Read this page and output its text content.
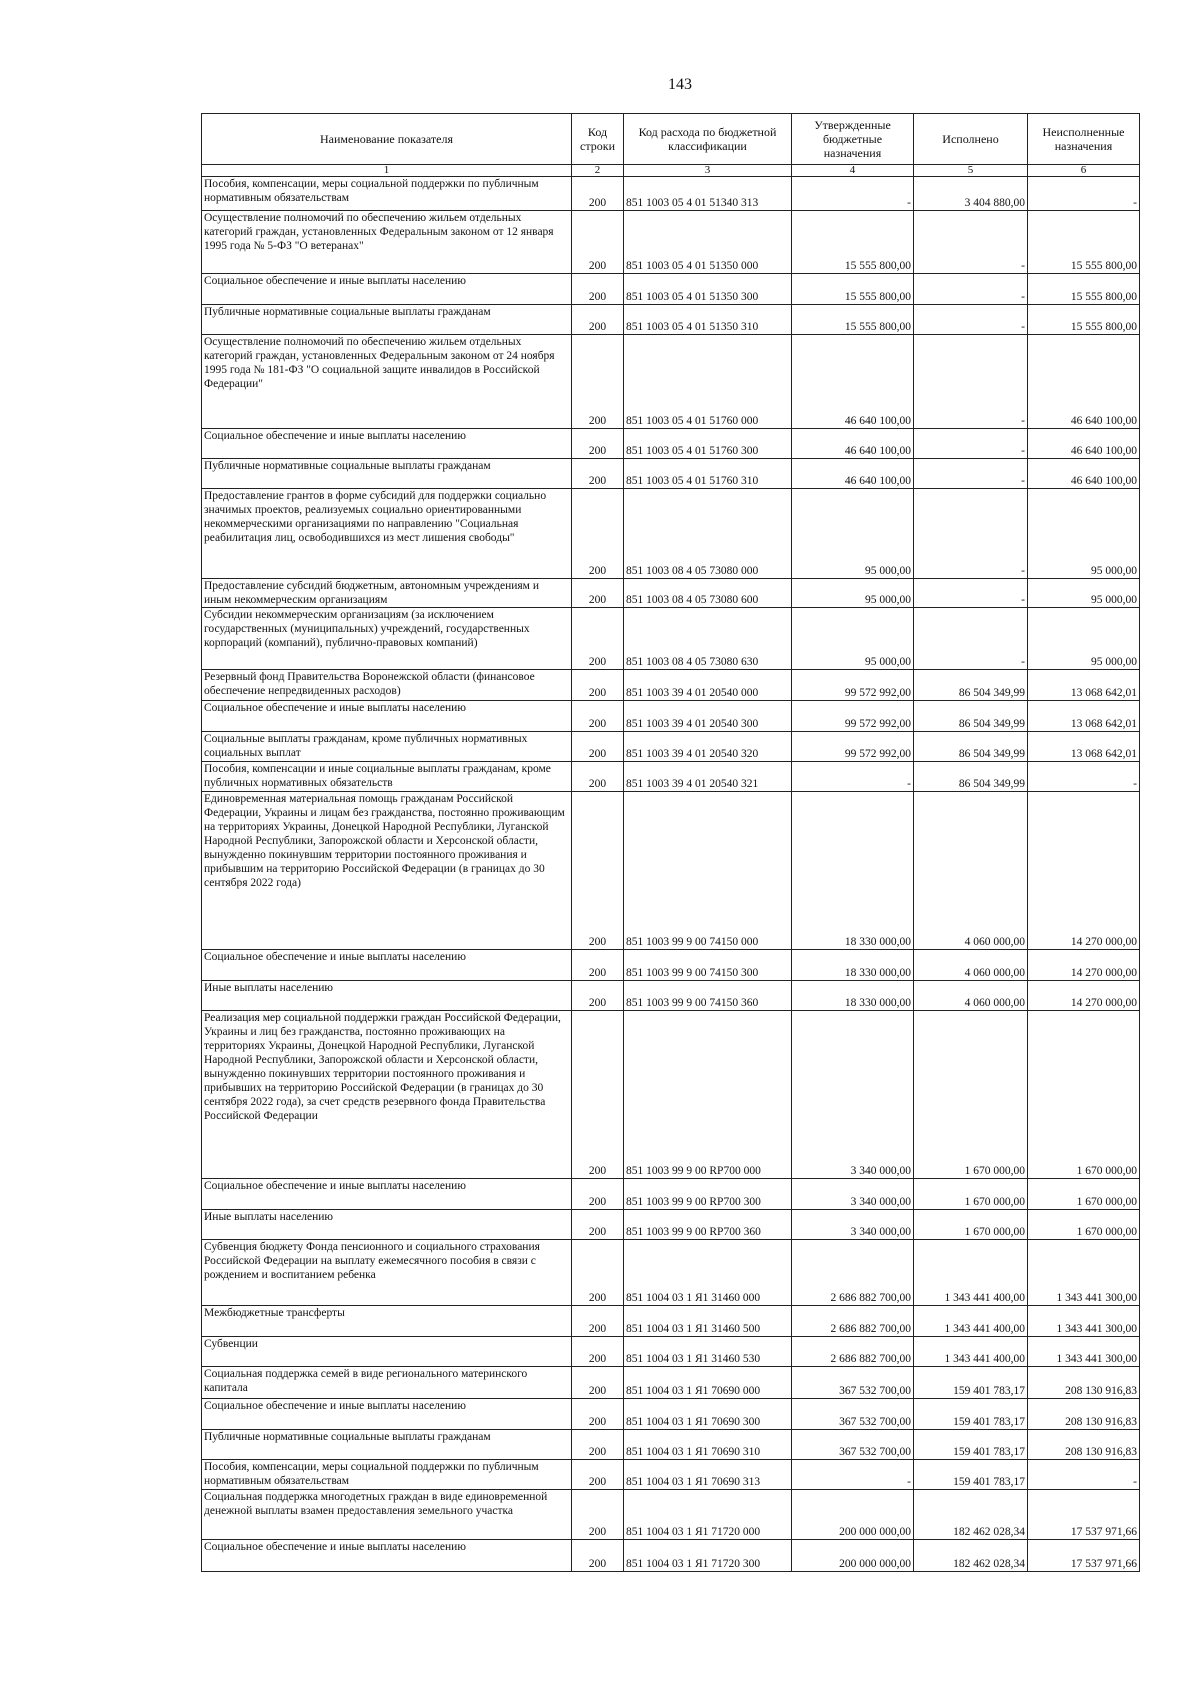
143
Наименование показателя	Код строки	Код расхода по бюджетной классификации	Утвержденные бюджетные назначения	Исполнено	Неисполненные назначения
1	2	3	4	5	6
Пособия, компенсации, меры социальной поддержки по публичным нормативным обязательствам	200	851 1003 05 4 01 51340 313	-	3 404 880,00	-
Осуществление полномочий по обеспечению жильем отдельных категорий граждан, установленных Федеральным законом от 12 января 1995 года № 5-ФЗ "О ветеранах"	200	851 1003 05 4 01 51350 000	15 555 800,00	-	15 555 800,00
Социальное обеспечение и иные выплаты населению	200	851 1003 05 4 01 51350 300	15 555 800,00	-	15 555 800,00
Публичные нормативные социальные выплаты гражданам	200	851 1003 05 4 01 51350 310	15 555 800,00	-	15 555 800,00
Осуществление полномочий по обеспечению жильем отдельных категорий граждан, установленных Федеральным законом от 24 ноября 1995 года № 181-ФЗ "О социальной защите инвалидов в Российской Федерации"	200	851 1003 05 4 01 51760 000	46 640 100,00	-	46 640 100,00
Социальное обеспечение и иные выплаты населению	200	851 1003 05 4 01 51760 300	46 640 100,00	-	46 640 100,00
Публичные нормативные социальные выплаты гражданам	200	851 1003 05 4 01 51760 310	46 640 100,00	-	46 640 100,00
Предоставление грантов в форме субсидий для поддержки социально значимых проектов, реализуемых социально ориентированными некоммерческими организациями по направлению "Социальная реабилитация лиц, освободившихся из мест лишения свободы"	200	851 1003 08 4 05 73080 000	95 000,00	-	95 000,00
Предоставление субсидий бюджетным, автономным учреждениям и иным некоммерческим организациям	200	851 1003 08 4 05 73080 600	95 000,00	-	95 000,00
Субсидии некоммерческим организациям (за исключением государственных (муниципальных) учреждений, государственных корпораций (компаний), публично-правовых компаний)	200	851 1003 08 4 05 73080 630	95 000,00	-	95 000,00
Резервный фонд Правительства Воронежской области (финансовое обеспечение непредвиденных расходов)	200	851 1003 39 4 01 20540 000	99 572 992,00	86 504 349,99	13 068 642,01
Социальное обеспечение и иные выплаты населению	200	851 1003 39 4 01 20540 300	99 572 992,00	86 504 349,99	13 068 642,01
Социальные выплаты гражданам, кроме публичных нормативных социальных выплат	200	851 1003 39 4 01 20540 320	99 572 992,00	86 504 349,99	13 068 642,01
Пособия, компенсации и иные социальные выплаты гражданам, кроме публичных нормативных обязательств	200	851 1003 39 4 01 20540 321	-	86 504 349,99	-
Единовременная материальная помощь гражданам Российской Федерации, Украины и лицам без гражданства, постоянно проживающим на территориях Украины, Донецкой Народной Республики, Луганской Народной Республики, Запорожской области и Херсонской области, вынужденно покинувшим территории постоянного проживания и прибывшим на территорию Российской Федерации (в границах до 30 сентября 2022 года)	200	851 1003 99 9 00 74150 000	18 330 000,00	4 060 000,00	14 270 000,00
Социальное обеспечение и иные выплаты населению	200	851 1003 99 9 00 74150 300	18 330 000,00	4 060 000,00	14 270 000,00
Иные выплаты населению	200	851 1003 99 9 00 74150 360	18 330 000,00	4 060 000,00	14 270 000,00
Реализация мер социальной поддержки граждан Российской Федерации, Украины и лиц без гражданства, постоянно проживающих на территориях Украины, Донецкой Народной Республики, Луганской Народной Республики, Запорожской области и Херсонской области, вынужденно покинувших территории постоянного проживания и прибывших на территорию Российской Федерации (в границах до 30 сентября 2022 года), за счет средств резервного фонда Правительства Российской Федерации	200	851 1003 99 9 00 RP700 000	3 340 000,00	1 670 000,00	1 670 000,00
Социальное обеспечение и иные выплаты населению	200	851 1003 99 9 00 RP700 300	3 340 000,00	1 670 000,00	1 670 000,00
Иные выплаты населению	200	851 1003 99 9 00 RP700 360	3 340 000,00	1 670 000,00	1 670 000,00
Субвенция бюджету Фонда пенсионного и социального страхования Российской Федерации на выплату ежемесячного пособия в связи с рождением и воспитанием ребенка	200	851 1004 03 1 Я1 31460 000	2 686 882 700,00	1 343 441 400,00	1 343 441 300,00
Межбюджетные трансферты	200	851 1004 03 1 Я1 31460 500	2 686 882 700,00	1 343 441 400,00	1 343 441 300,00
Субвенции	200	851 1004 03 1 Я1 31460 530	2 686 882 700,00	1 343 441 400,00	1 343 441 300,00
Социальная поддержка семей в виде регионального материнского капитала	200	851 1004 03 1 Я1 70690 000	367 532 700,00	159 401 783,17	208 130 916,83
Социальное обеспечение и иные выплаты населению	200	851 1004 03 1 Я1 70690 300	367 532 700,00	159 401 783,17	208 130 916,83
Публичные нормативные социальные выплаты гражданам	200	851 1004 03 1 Я1 70690 310	367 532 700,00	159 401 783,17	208 130 916,83
Пособия, компенсации, меры социальной поддержки по публичным нормативным обязательствам	200	851 1004 03 1 Я1 70690 313	-	159 401 783,17	-
Социальная поддержка многодетных граждан в виде единовременной денежной выплаты взамен предоставления земельного участка	200	851 1004 03 1 Я1 71720 000	200 000 000,00	182 462 028,34	17 537 971,66
Социальное обеспечение и иные выплаты населению	200	851 1004 03 1 Я1 71720 300	200 000 000,00	182 462 028,34	17 537 971,66
